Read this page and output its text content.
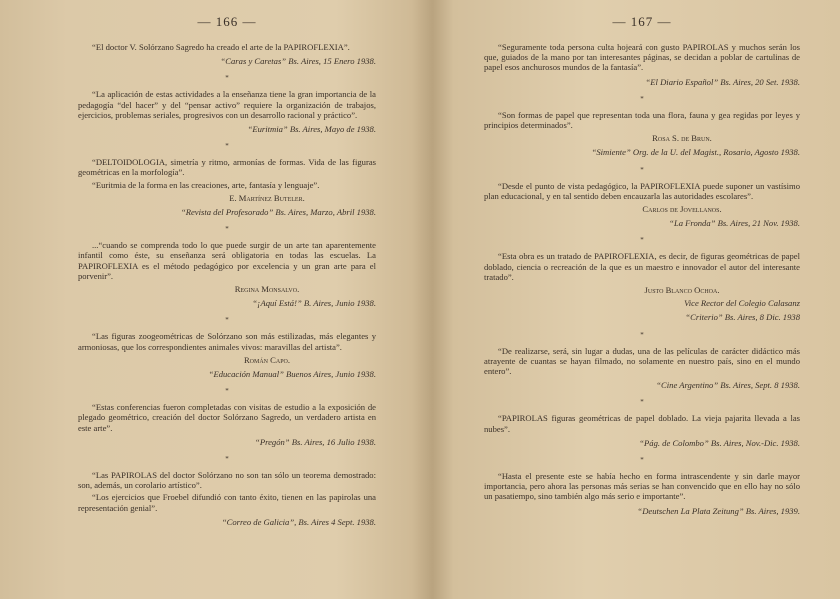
— 166 —

“El doctor V. Solórzano Sagredo ha creado el arte de la PAPIROFLEXIA”.

“Caras y Caretas” Bs. Aires, 15 Enero 1938.

*

“La aplicación de estas actividades a la enseñanza tiene la gran importancia de la pedagogía “del hacer” y del “pensar activo” requiere la organización de trabajos, ejercicios, problemas seriales, progresivos con un desarrollo racional y práctico”.

“Euritmia” Bs. Aires, Mayo de 1938.

*

“DELTOIDOLOGIA, simetría y ritmo, armonías de formas. Vida de las figuras geométricas en la morfología”.

“Euritmia de la forma en las creaciones, arte, fantasía y lenguaje”.

E. Martínez Buteler.

“Revista del Profesorado” Bs. Aires, Marzo, Abril 1938.

*

...“cuando se comprenda todo lo que puede surgir de un arte tan aparentemente infantil como éste, su enseñanza será obligatoria en todas las escuelas. La PAPIROFLEXIA es el método pedagógico por excelencia y un gran arte para el porvenir”.

Regina Monsalvo.

“¡Aquí Está!” B. Aires, Junio 1938.

*

“Las figuras zoogeométricas de Solórzano son más estilizadas, más elegantes y armoniosas, que los correspondientes animales vivos: maravillas del artista”.

Román Capo.

“Educación Manual” Buenos Aires, Junio 1938.

*

“Estas conferencias fueron completadas con visitas de estudio a la exposición de plegado geométrico, creación del doctor Solórzano Sagredo, un verdadero artista en este arte”.

“Pregón” Bs. Aires, 16 Julio 1938.

*

“Las PAPIROLAS del doctor Solórzano no son tan sólo un teorema demostrado: son, además, un corolario artístico”.

“Los ejercicios que Froebel difundió con tanto éxito, tienen en las papirolas una representación genial”.

“Correo de Galicia”, Bs. Aires 4 Sept. 1938.

— 167 —

“Seguramente toda persona culta hojeará con gusto PAPIROLAS y muchos serán los que, guiados de la mano por tan interesantes páginas, se decidan a poblar de cartulinas de papel esos anchurosos mundos de la fantasía”.

“El Diario Español” Bs. Aires, 20 Set. 1938.

*

“Son formas de papel que representan toda una flora, fauna y gea regidas por leyes y principios determinados”.

Rosa S. de Brun.

“Simiente” Org. de la U. del Magist., Rosario, Agosto 1938.

*

“Desde el punto de vista pedagógico, la PAPIROFLEXIA puede suponer un vastísimo plan educacional, y en tal sentido deben encauzarla las autoridades escolares”.

Carlos de Jovellanos.

“La Fronda” Bs. Aires, 21 Nov. 1938.

*

“Esta obra es un tratado de PAPIROFLEXIA, es decir, de figuras geométricas de papel doblado, ciencia o recreación de la que es un maestro e innovador el autor del interesante tratado”.

Justo Blanco Ochoa.

Vice Rector del Colegio Calasanz

“Criterio” Bs. Aires, 8 Dic. 1938

*

“De realizarse, será, sin lugar a dudas, una de las películas de carácter didáctico más atrayente de cuantas se hayan filmado, no solamente en nuestro país, sino en el mundo entero”.

“Cine Argentino” Bs. Aires, Sept. 8 1938.

*

“PAPIROLAS figuras geométricas de papel doblado. La vieja pajarita llevada a las nubes”.

“Pág. de Colombo” Bs. Aires, Nov.-Dic. 1938.

*

“Hasta el presente este se había hecho en forma intrascendente y sin darle mayor importancia, pero ahora las personas más serias se han convencido que en ello hay no sólo un pasatiempo, sino también algo más serio e importante”.

“Deutschen La Plata Zeitung” Bs. Aires, 1939.
